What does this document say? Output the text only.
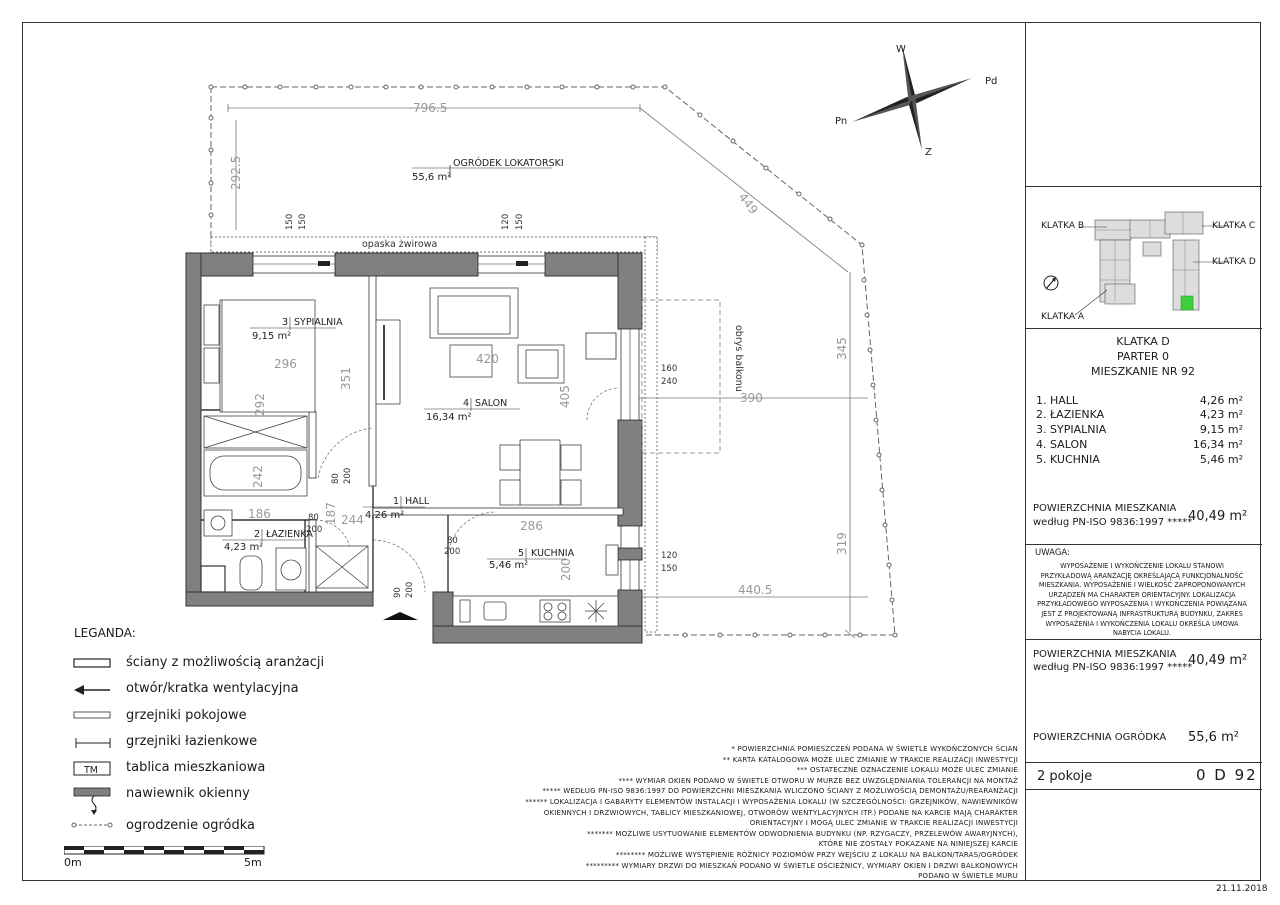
796.5
390
440.5
292.5
449
345
319
OGRÓDEK LOKATORSKI
55,6 m²
opaska żwirowa
150 150	120 150
obrys balkonu
296
351
292
420
405
186
242
244
187
286
200
160
240
120
150
80 200
80
200
80
200
90 200
3 SYPIALNIA
9,15 m²
4 SALON
16,34 m²
1 HALL
4,26 m²
2 ŁAZIENKA
4,23 m²
5 KUCHNIA
5,46 m²
W
Pd
Z
Pn
LEGANDA:
TM
ściany z możliwością aranżacji
otwór/kratka wentylacyjna
grzejniki pokojowe
grzejniki łazienkowe
tablica mieszkaniowa
nawiewnik okienny
ogrodzenie ogródka
0m	5m
* POWIERZCHNIA POMIESZCZEŃ PODANA W ŚWIETLE WYKOŃCZONYCH ŚCIAN
** KARTA KATALOGOWA MOŻE ULEC ZMIANIE W TRAKCIE REALIZACJI INWESTYCJI
*** OSTATECZNE OZNACZENIE LOKALU MOŻE ULEC ZMIANIE
**** WYMIAR OKIEN PODANO W ŚWIETLE OTWORU W MURZE BEZ UWZGLĘDNIANIA TOLERANCJI NA MONTAŻ
***** WEDŁUG PN-ISO 9836:1997 DO POWIERZCHNI MIESZKANIA WLICZONO ŚCIANY Z MOŻLIWOŚCIĄ DEMONTAŻU/REARANŻACJI
****** LOKALIZACJA I GABARYTY ELEMENTÓW INSTALACJI I WYPOSAŻENIA LOKALU (W SZCZEGÓLNOŚCI: GRZEJNIKÓW, NAWIEWNIKÓW
OKIENNYCH I DRZWIOWYCH, TABLICY MIESZKANIOWEJ, OTWORÓW WENTYLACYJNYCH ITP.) PODANE NA KARCIE MAJĄ CHARAKTER
ORIENTACYJNY I MOGĄ ULEC ZMIANIE W TRAKCIE REALIZACJI INWESTYCJI
******* MOŻLIWE USYTUOWANIE ELEMENTÓW ODWODNIENIA BUDYNKU (NP. RZYGACZY, PRZELEWÓW AWARYJNYCH),
KTÓRE NIE ZOSTAŁY POKAZANE NA NINIEJSZEJ KARCIE
******** MOŻLIWE WYSTĘPIENIE RÓŻNICY POZIOMÓW PRZY WEJŚCIU Z LOKALU NA BALKON/TARAS/OGRÓDEK
********* WYMIARY DRZWI DO MIESZKAŃ PODANO W ŚWIETLE OŚCIEŻNICY, WYMIARY OKIEN I DRZWI BALKONOWYCH
PODANO W ŚWIETLE MURU
KLATKA B	KLATKA C
KLATKA D
KLATKA A
KLATKA D
PARTER 0
MIESZKANIE NR 92
1. HALL	4,26 m²
2. ŁAZIENKA	4,23 m²
3. SYPIALNIA	9,15 m²
4. SALON	16,34 m²
5. KUCHNIA	5,46 m²
POWIERZCHNIA MIESZKANIA
według PN-ISO 9836:1997 *****
40,49 m²
UWAGA:
WYPOSAŻENIE I WYKOŃCZENIE LOKALU STANOWI PRZYKŁADOWĄ ARANŻACJĘ OKREŚLAJĄCĄ FUNKCJONALNOŚĆ MIESZKANIA. WYPOSAŻENIE I WIELKOŚĆ ZAPROPONOWANYCH URZĄDZEŃ MA CHARAKTER ORIENTACYJNY. LOKALIZACJA PRZYKŁADOWEGO WYPOSAŻENIA I WYKOŃCZENIA POWIĄZANA JEST Z PROJEKTOWANĄ INFRASTRUKTURĄ BUDYNKU, ZAKRES WYPOSAŻENIA I WYKOŃCZENIA LOKALU OKREŚLA UMOWA NABYCIA LOKALU.
POWIERZCHNIA MIESZKANIA
według PN-ISO 9836:1997 *****
40,49 m²
POWIERZCHNIA OGRÓDKA 55,6 m²
2 pokoje	0 D 92
21.11.2018
